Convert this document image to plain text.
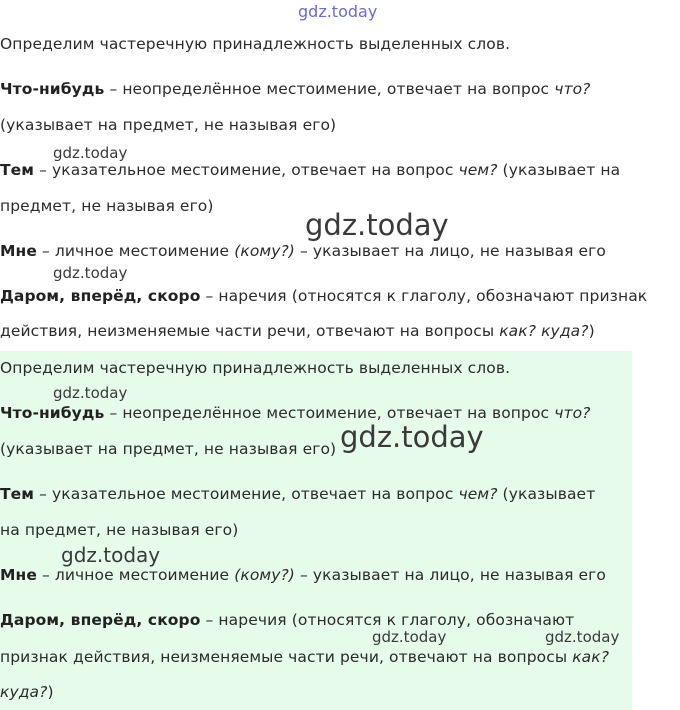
gdz.today
Определим частеречную принадлежность выделенных слов.
Что-нибудь – неопределённое местоимение, отвечает на вопрос что?
(указывает на предмет, не называя его)
gdz.today
Тем – указательное местоимение, отвечает на вопрос чем? (указывает на
предмет, не называя его)
gdz.today
Мне – личное местоимение (кому?) – указывает на лицо, не называя его
gdz.today
Даром, вперёд, скоро – наречия (относятся к глаголу, обозначают признак
действия, неизменяемые части речи, отвечают на вопросы как? куда?)
Определим частеречную принадлежность выделенных слов.
gdz.today
Что-нибудь – неопределённое местоимение, отвечает на вопрос что?
(указывает на предмет, не называя его) gdz.today
Тем – указательное местоимение, отвечает на вопрос чем? (указывает
на предмет, не называя его)
gdz.today
Мне – личное местоимение (кому?) – указывает на лицо, не называя его
Даром, вперёд, скоро – наречия (относятся к глаголу, обозначают
gdz.today	gdz.today
признак действия, неизменяемые части речи, отвечают на вопросы как?
куда?)
